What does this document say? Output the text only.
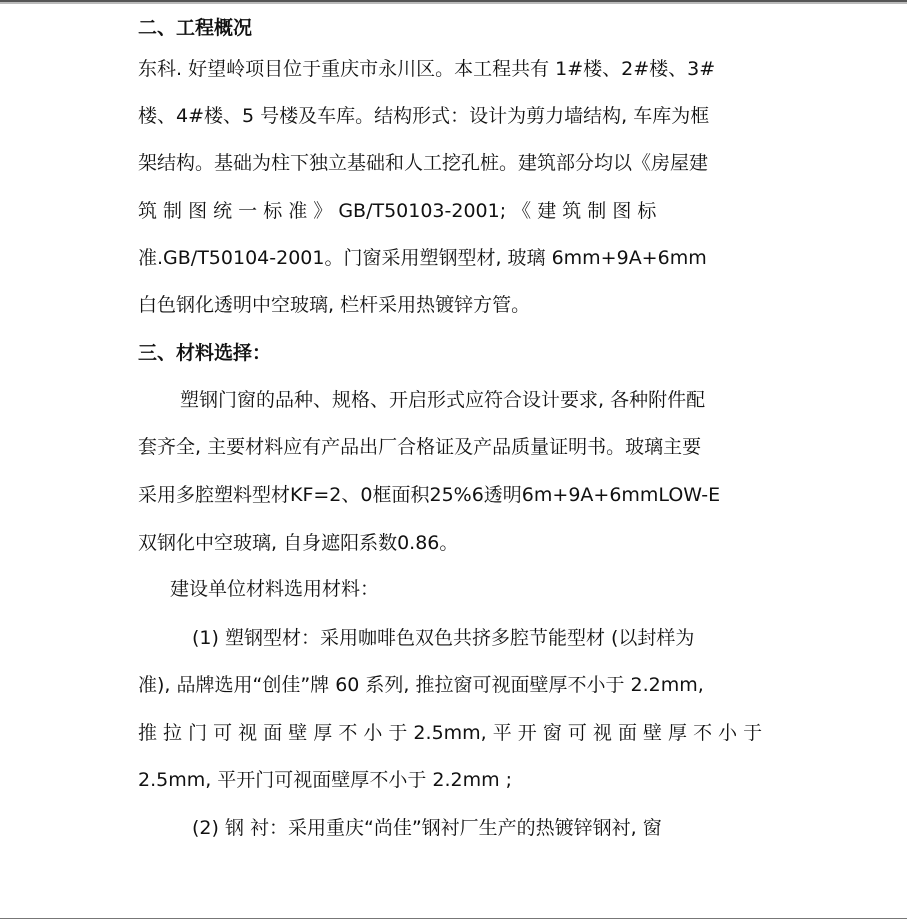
二、工程概况
东科. 好望岭项目位于重庆市永川区。本工程共有 1#楼、2#楼、3#
楼、4#楼、5 号楼及车库。结构形式：设计为剪力墙结构, 车库为框
架结构。基础为柱下独立基础和人工挖孔桩。建筑部分均以《房屋建
筑 制 图 统 一 标 准 》 GB/T50103-2001; 《 建 筑 制 图 标
准.GB/T50104-2001。门窗采用塑钢型材, 玻璃 6mm+9A+6mm
白色钢化透明中空玻璃, 栏杆采用热镀锌方管。
三、材料选择：
塑钢门窗的品种、规格、开启形式应符合设计要求, 各种附件配
套齐全, 主要材料应有产品出厂合格证及产品质量证明书。玻璃主要
采用多腔塑料型材KF=2、0框面积25%6透明6m+9A+6mmLOW-E
双钢化中空玻璃, 自身遮阳系数0.86。
建设单位材料选用材料：
(1) 塑钢型材：采用咖啡色双色共挤多腔节能型材 (以封样为
准), 品牌选用“创佳”牌 60 系列, 推拉窗可视面壁厚不小于 2.2mm,
推 拉 门 可 视 面 壁 厚 不 小 于 2.5mm, 平 开 窗 可 视 面 壁 厚 不 小 于
2.5mm, 平开门可视面壁厚不小于 2.2mm ;
(2) 钢 衬：采用重庆“尚佳”钢衬厂生产的热镀锌钢衬, 窗
